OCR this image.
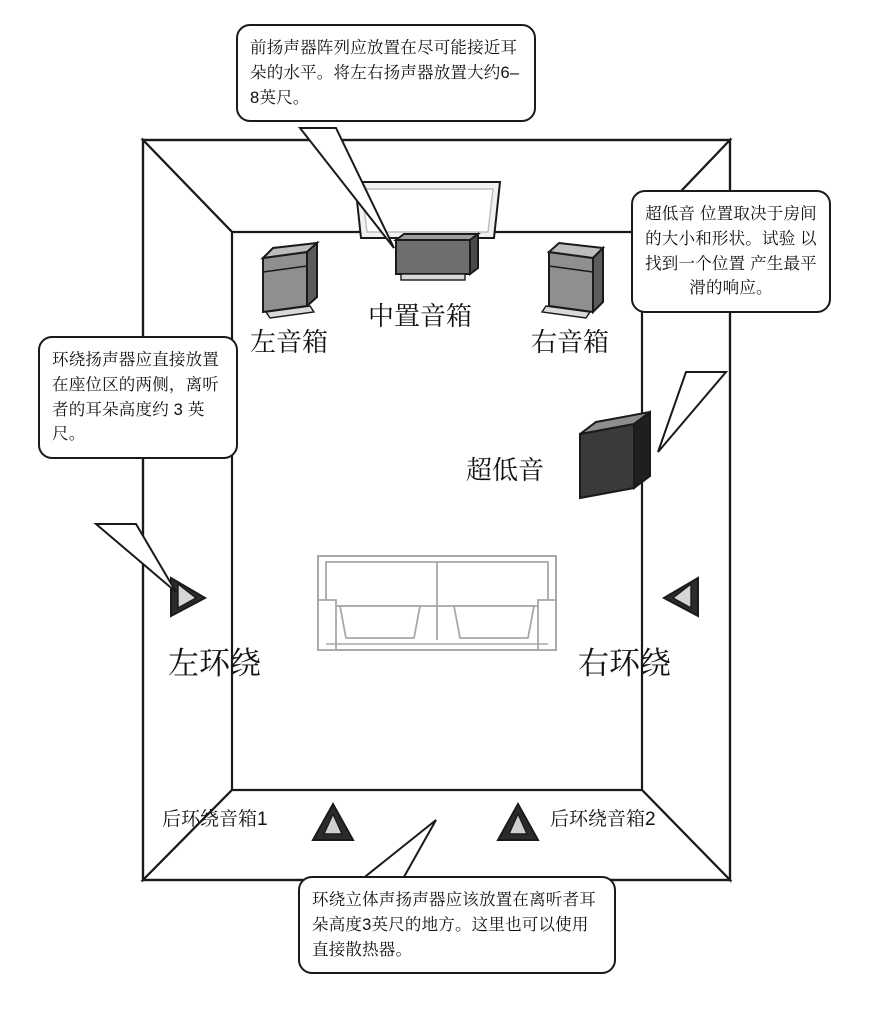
前扬声器阵列应放置在尽可能接近耳朵的水平。将左右扬声器放置大约6–8英尺。
超低音 位置取决于房间的大小和形状。试验 以找到一个位置 产生最平滑的响应。
环绕扬声器应直接放置在座位区的两侧，离听者的耳朵高度约 3 英尺。
环绕立体声扬声器应该放置在离听者耳朵高度3英尺的地方。这里也可以使用直接散热器。
中置音箱
左音箱	右音箱
超低音
左环绕	右环绕
后环绕音箱1	后环绕音箱2
